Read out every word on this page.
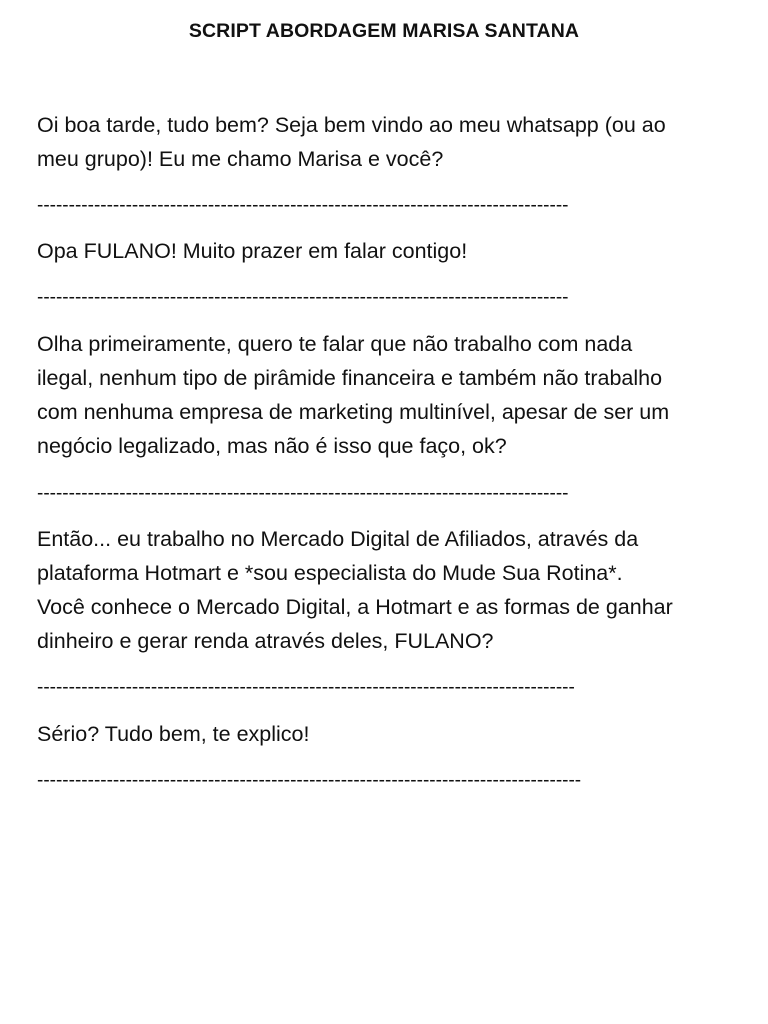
SCRIPT ABORDAGEM MARISA SANTANA
Oi boa tarde, tudo bem? Seja bem vindo ao meu whatsapp (ou ao
meu grupo)! Eu me chamo Marisa e você?
------------------------------------------------------------------------------------
Opa FULANO! Muito prazer em falar contigo!
------------------------------------------------------------------------------------
Olha primeiramente, quero te falar que não trabalho com nada
ilegal, nenhum tipo de pirâmide financeira e também não trabalho
com nenhuma empresa de marketing multinível, apesar de ser um
negócio legalizado, mas não é isso que faço, ok?
------------------------------------------------------------------------------------
Então... eu trabalho no Mercado Digital de Afiliados, através da
plataforma Hotmart e *sou especialista do Mude Sua Rotina*.
Você conhece o Mercado Digital, a Hotmart e as formas de ganhar
dinheiro e gerar renda através deles, FULANO?
-------------------------------------------------------------------------------------
Sério? Tudo bem, te explico!
--------------------------------------------------------------------------------------
